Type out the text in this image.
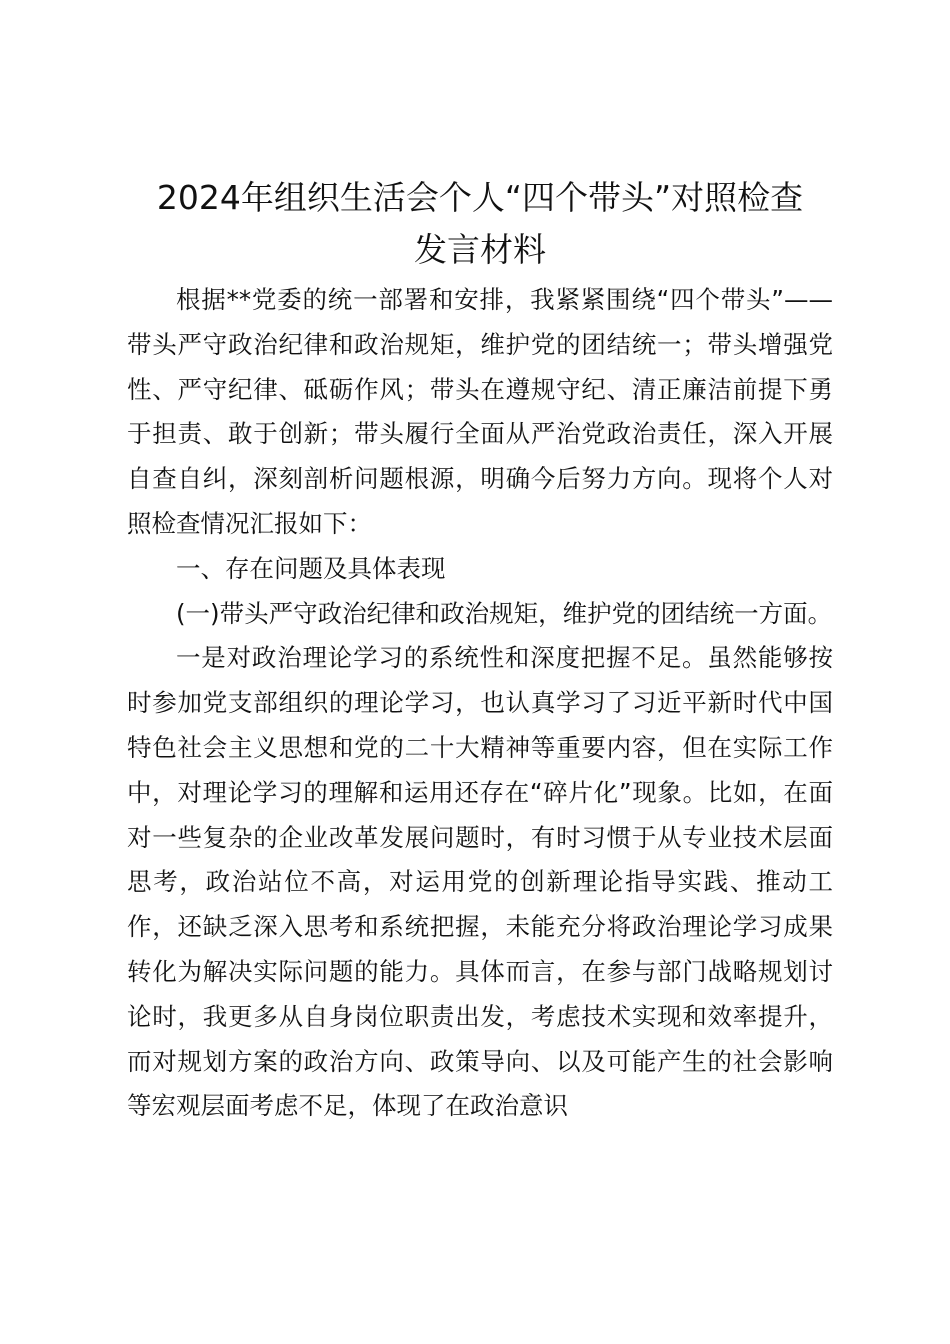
2024年组织生活会个人“四个带头”对照检查
发言材料

根据**党委的统一部署和安排，我紧紧围绕“四个带头”——带头严守政治纪律和政治规矩，维护党的团结统一；带头增强党性、严守纪律、砥砺作风；带头在遵规守纪、清正廉洁前提下勇于担责、敢于创新；带头履行全面从严治党政治责任，深入开展自查自纠，深刻剖析问题根源，明确今后努力方向。现将个人对照检查情况汇报如下：

一、存在问题及具体表现

(一)带头严守政治纪律和政治规矩，维护党的团结统一方面。

一是对政治理论学习的系统性和深度把握不足。虽然能够按时参加党支部组织的理论学习，也认真学习了习近平新时代中国特色社会主义思想和党的二十大精神等重要内容，但在实际工作中，对理论学习的理解和运用还存在“碎片化”现象。比如，在面对一些复杂的企业改革发展问题时，有时习惯于从专业技术层面思考，政治站位不高，对运用党的创新理论指导实践、推动工作，还缺乏深入思考和系统把握，未能充分将政治理论学习成果转化为解决实际问题的能力。具体而言，在参与部门战略规划讨论时，我更多从自身岗位职责出发，考虑技术实现和效率提升，而对规划方案的政治方向、政策导向、以及可能产生的社会影响等宏观层面考虑不足，体现了在政治意识
